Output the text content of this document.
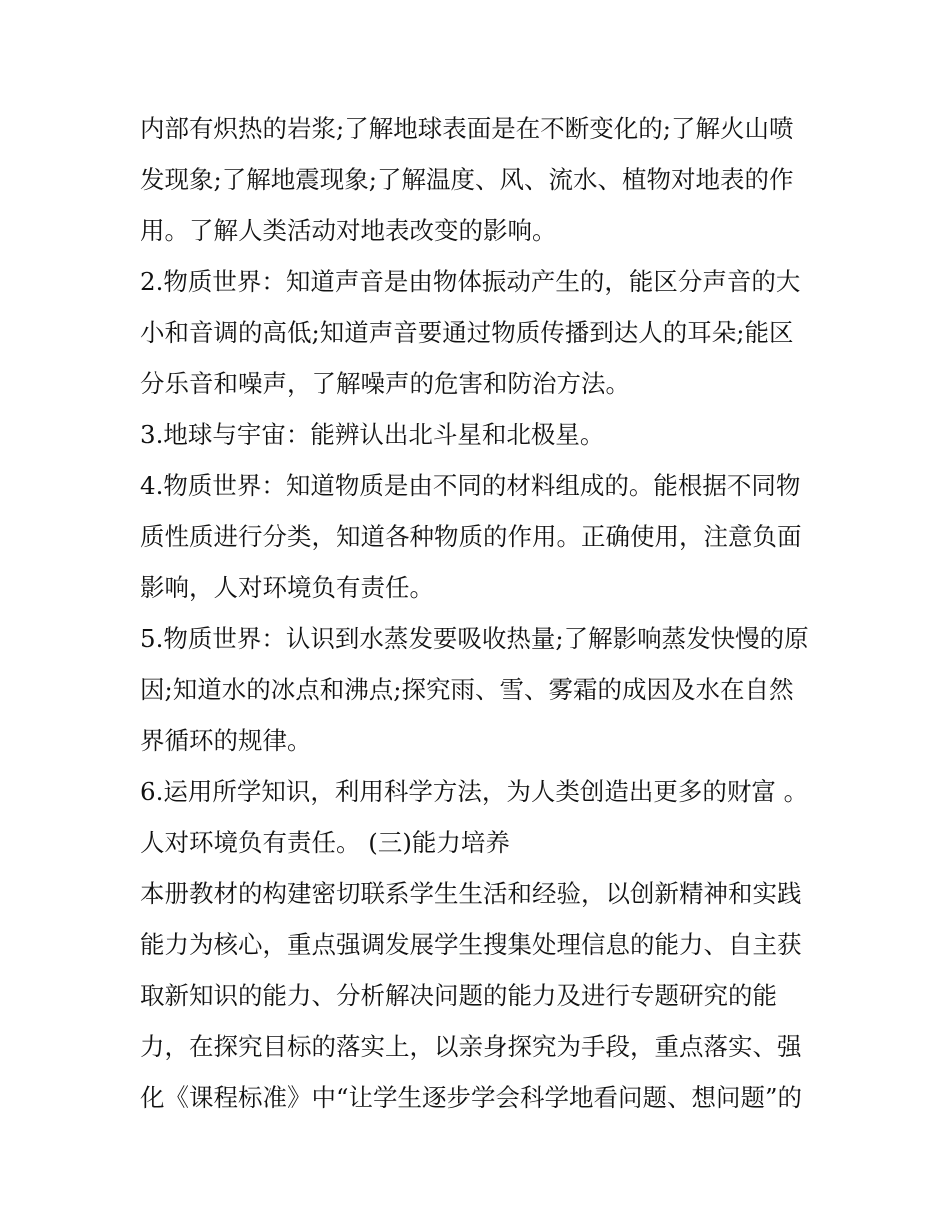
内部有炽热的岩浆;了解地球表面是在不断变化的;了解火山喷
发现象;了解地震现象;了解温度、风、流水、植物对地表的作
用。了解人类活动对地表改变的影响。
2.物质世界：知道声音是由物体振动产生的，能区分声音的大
小和音调的高低;知道声音要通过物质传播到达人的耳朵;能区
分乐音和噪声，了解噪声的危害和防治方法。
3.地球与宇宙：能辨认出北斗星和北极星。
4.物质世界：知道物质是由不同的材料组成的。能根据不同物
质性质进行分类，知道各种物质的作用。正确使用，注意负面
影响，人对环境负有责任。
5.物质世界：认识到水蒸发要吸收热量;了解影响蒸发快慢的原
因;知道水的冰点和沸点;探究雨、雪、雾霜的成因及水在自然
界循环的规律。
6.运用所学知识，利用科学方法，为人类创造出更多的财富 。
人对环境负有责任。 (三)能力培养
本册教材的构建密切联系学生生活和经验，以创新精神和实践
能力为核心，重点强调发展学生搜集处理信息的能力、自主获
取新知识的能力、分析解决问题的能力及进行专题研究的能
力，在探究目标的落实上，以亲身探究为手段，重点落实、强
化《课程标准》中“让学生逐步学会科学地看问题、想问题”的
